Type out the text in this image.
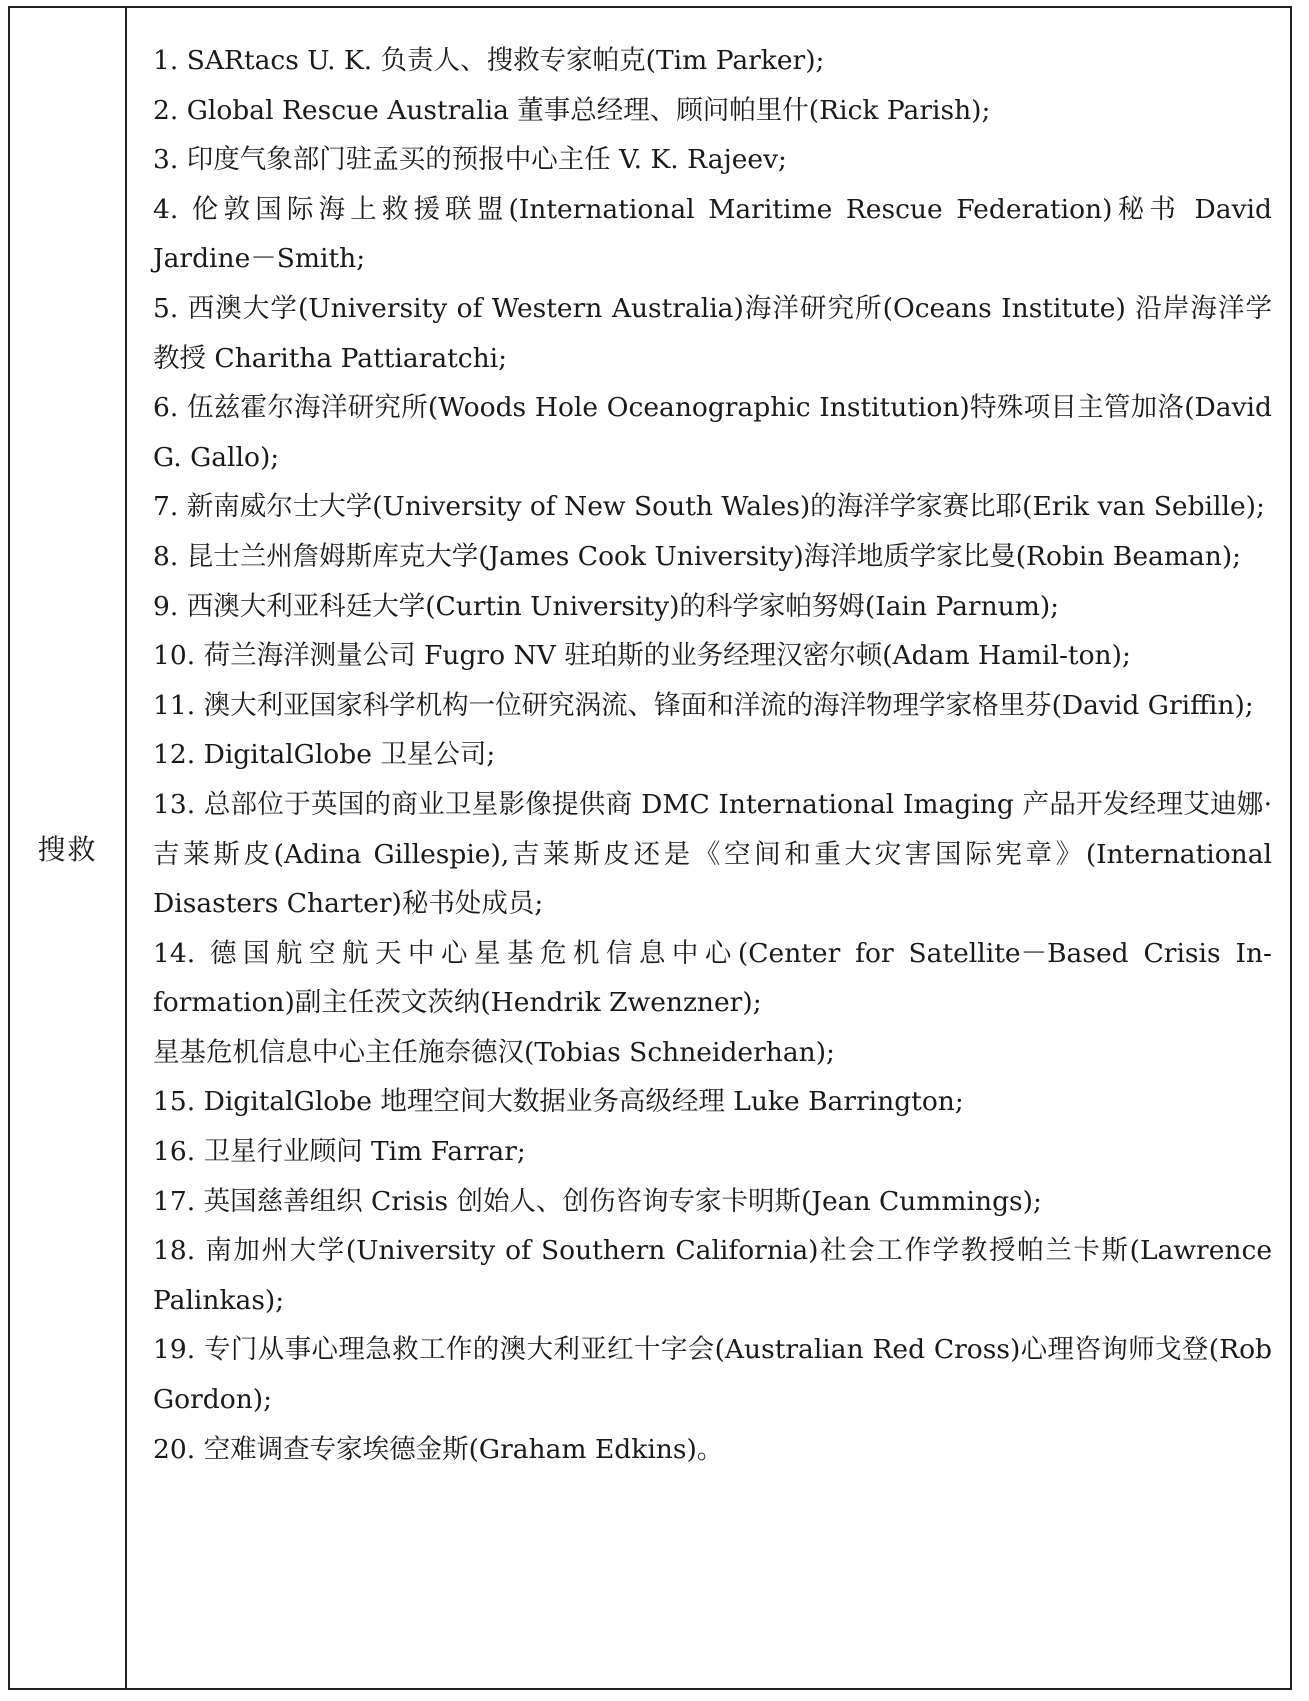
搜救

1. SARtacs U. K. 负责人、搜救专家帕克(Tim Parker);

2. Global Rescue Australia 董事总经理、顾问帕里什(Rick Parish);

3. 印度气象部门驻孟买的预报中心主任 V. K. Rajeev;

4. 伦敦国际海上救援联盟(International Maritime Rescue Federation)秘书 David Jardine－Smith;

5. 西澳大学(University of Western Australia)海洋研究所(Oceans Institute) 沿岸海洋学教授 Charitha Pattiaratchi;

6. 伍兹霍尔海洋研究所(Woods Hole Oceanographic Institution)特殊项目主管加洛(David G. Gallo);

7. 新南威尔士大学(University of New South Wales)的海洋学家赛比耶(Erik van Sebille);

8. 昆士兰州詹姆斯库克大学(James Cook University)海洋地质学家比曼(Robin Beaman);

9. 西澳大利亚科廷大学(Curtin University)的科学家帕努姆(Iain Parnum);

10. 荷兰海洋测量公司 Fugro NV 驻珀斯的业务经理汉密尔顿(Adam Hamil-ton);

11. 澳大利亚国家科学机构一位研究涡流、锋面和洋流的海洋物理学家格里芬(David Griffin);

12. DigitalGlobe 卫星公司;

13. 总部位于英国的商业卫星影像提供商 DMC International Imaging 产品开发经理艾迪娜·吉莱斯皮(Adina Gillespie),吉莱斯皮还是《空间和重大灾害国际宪章》(International Disasters Charter)秘书处成员;

14. 德国航空航天中心星基危机信息中心(Center for Satellite－Based Crisis In-formation)副主任茨文茨纳(Hendrik Zwenzner);

星基危机信息中心主任施奈德汉(Tobias Schneiderhan);

15. DigitalGlobe 地理空间大数据业务高级经理 Luke Barrington;

16. 卫星行业顾问 Tim Farrar;

17. 英国慈善组织 Crisis 创始人、创伤咨询专家卡明斯(Jean Cummings);

18. 南加州大学(University of Southern California)社会工作学教授帕兰卡斯(Lawrence Palinkas);

19. 专门从事心理急救工作的澳大利亚红十字会(Australian Red Cross)心理咨询师戈登(Rob Gordon);

20. 空难调查专家埃德金斯(Graham Edkins)。
